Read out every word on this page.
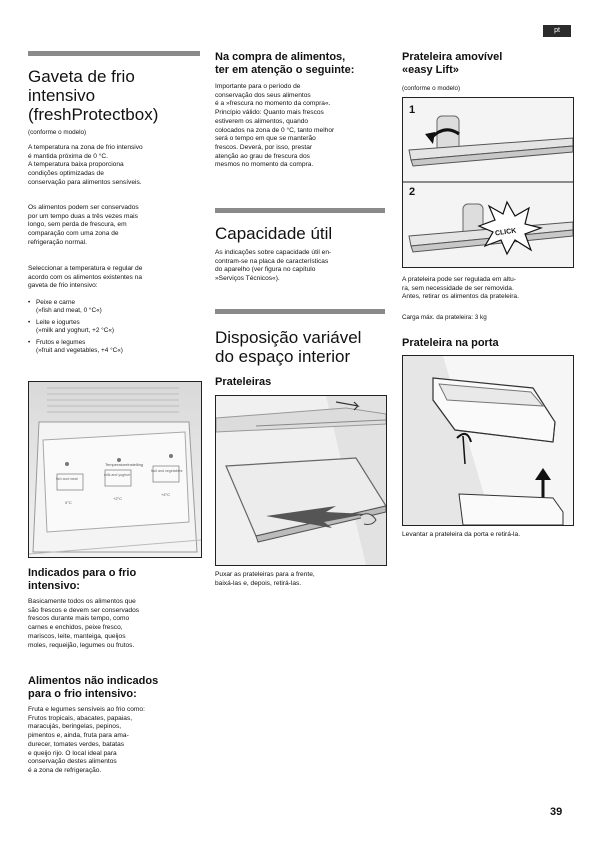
pt
Gaveta de frio
intensivo
(freshProtectbox)

(conforme o modelo)

A temperatura na zona de frio intensivo
é mantida próxima de 0 °C.
A temperatura baixa proporciona
condições optimizadas de
conservação para alimentos sensíveis.

Os alimentos podem ser conservados
por um tempo duas a três vezes mais
longo, sem perda de frescura, em
comparação com uma zona de
refrigeração normal.

Seleccionar a temperatura e regular de
acordo com os alimentos existentes na
gaveta de frio intensivo:

• Peixe e carne
(»fish and meat, 0 °C«)

• Leite e iogurtes
(»milk and yoghurt, +2 °C«)

• Frutos e legumes
(»fruit and vegetables, +4 °C«)

Temperatureinstelling
fish and meat
milk and yoghurt
fruit and vegetables
0°C
+2°C
+4°C
Indicados para o frio
intensivo:

Basicamente todos os alimentos que
são frescos e devem ser conservados
frescos durante mais tempo, como
carnes e enchidos, peixe fresco,
mariscos, leite, manteiga, queijos
moles, requeijão, legumes ou frutos.

Alimentos não indicados
para o frio intensivo:

Fruta e legumes sensíveis ao frio como:
Frutos tropicais, abacates, papaias,
maracujás, beringelas, pepinos,
pimentos e, ainda, fruta para ama-
durecer, tomates verdes, batatas
e queijo rijo. O local ideal para
conservação destes alimentos
é a zona de refrigeração.

Na compra de alimentos,
ter em atenção o seguinte:

Importante para o período de
conservação dos seus alimentos
é a »frescura no momento da compra«.
Princípio válido: Quanto mais frescos
estiverem os alimentos, quando
colocados na zona de 0 °C, tanto melhor
será o tempo em que se manterão
frescos. Deverá, por isso, prestar
atenção ao grau de frescura dos
mesmos no momento da compra.

Capacidade útil

As indicações sobre capacidade útil en-
contram-se na placa de características
do aparelho (ver figura no capítulo
»Serviços Técnicos«).

Disposição variável
do espaço interior
Prateleiras

Puxar as prateleiras para a frente,
baixá-las e, depois, retirá-las.

Prateleira amovível
«easy Lift»

(conforme o modelo)

1
2
CLICK

A prateleira pode ser regulada em altu-
ra, sem necessidade de ser removida.
Antes, retirar os alimentos da prateleira.

Carga máx. da prateleira: 3 kg

Prateleira na porta

Levantar a prateleira da porta e retirá-la.

39
